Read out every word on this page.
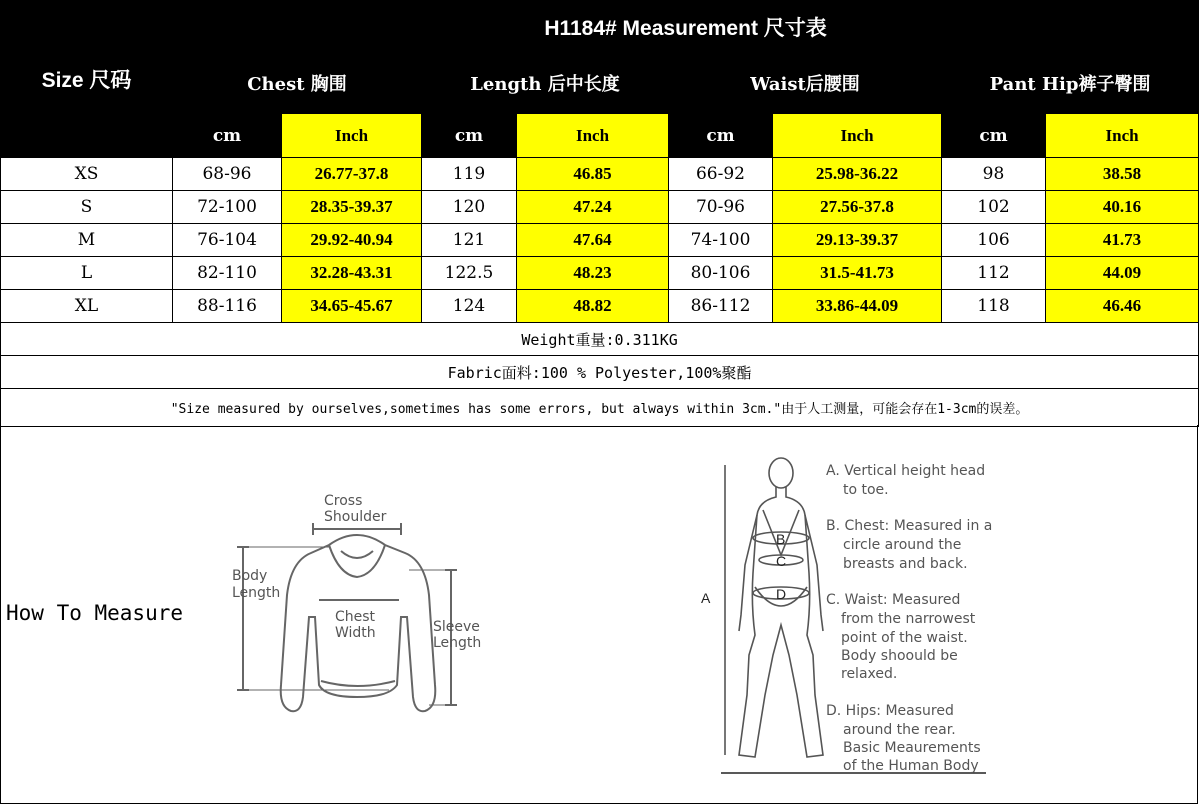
Size 尺码	H1184# Measurement 尺寸表							
	Chest 胸围		Length 后中长度		Waist后腰围		Pant Hip裤子臀围	
	cm	Inch	cm	Inch	cm	Inch	cm	Inch
XS	68-96	26.77-37.8	119	46.85	66-92	25.98-36.22	98	38.58
S	72-100	28.35-39.37	120	47.24	70-96	27.56-37.8	102	40.16
M	76-104	29.92-40.94	121	47.64	74-100	29.13-39.37	106	41.73
L	82-110	32.28-43.31	122.5	48.23	80-106	31.5-41.73	112	44.09
XL	88-116	34.65-45.67	124	48.82	86-112	33.86-44.09	118	46.46
Weight重量:0.311KG								
Fabric面料:100 % Polyester,100%聚酯								
"Size measured by ourselves,sometimes has some errors, but always within 3cm."由于人工测量，可能会存在1-3cm的误差。								
How To Measure
Cross
Shoulder
Body
Length
Chest
Width	Sleeve
Length
A
B
C
D
A. Vertical height head
to toe.
B. Chest: Measured in a
circle around the
breasts and back.
C. Waist: Measured
from the narrowest
point of the waist.
Body shoould be
relaxed.
D. Hips: Measured
around the rear.
Basic Meaurements
of the Human Body
